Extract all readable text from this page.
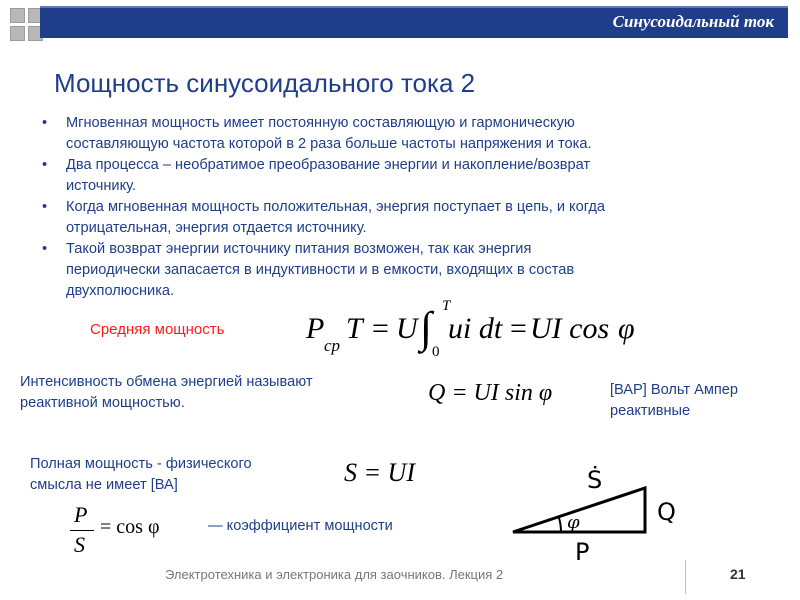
Синусоидальный ток
Мощность синусоидального тока 2
• Мгновенная мощность имеет постоянную составляющую и гармоническую
составляющую частота которой в 2 раза больше частоты напряжения и тока.
• Два процесса – необратимое преобразование энергии и накопление/возврат
источнику.
• Когда мгновенная мощность положительная, энергия поступает в цепь, и когда
отрицательная, энергия отдается источнику.
• Такой возврат энергии источнику питания возможен, так как энергия
периодически запасается в индуктивности и в емкости, входящих в состав
двухполюсника.
Средняя мощность	P
ср
T = U ∫ T
0
ui dt = UI cos φ
Интенсивность обмена энергией называют
реактивной мощностью.	Q = UI sin φ	[ВАР] Вольт Ампер
реактивные
Полная мощность - физического
смысла не имеет [ВА]	S = UI
P
S
= cos φ	— коэффициент мощности
Ṡ
Q
P
φ
Электротехника и электроника для заочников. Лекция 2	21
